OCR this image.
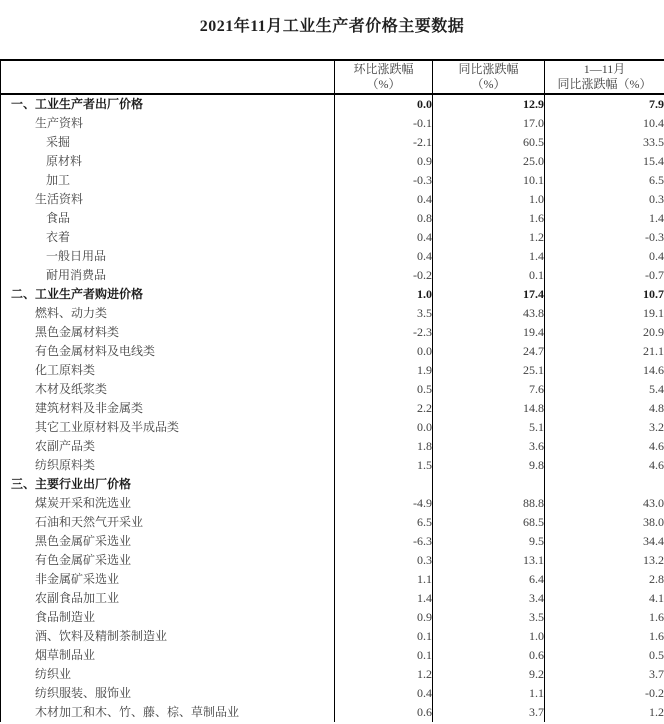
2021年11月工业生产者价格主要数据

环比涨跌幅
（%）

同比涨跌幅
（%）

1—11月
同比涨跌幅（%）

一、工业生产者出厂价格	0.0	12.9	7.9
生产资料	-0.1	17.0	10.4
采掘	-2.1	60.5	33.5
原材料	0.9	25.0	15.4
加工	-0.3	10.1	6.5
生活资料	0.4	1.0	0.3
食品	0.8	1.6	1.4
衣着	0.4	1.2	-0.3
一般日用品	0.4	1.4	0.4
耐用消费品	-0.2	0.1	-0.7
二、工业生产者购进价格	1.0	17.4	10.7
燃料、动力类	3.5	43.8	19.1
黑色金属材料类	-2.3	19.4	20.9
有色金属材料及电线类	0.0	24.7	21.1
化工原料类	1.9	25.1	14.6
木材及纸浆类	0.5	7.6	5.4
建筑材料及非金属类	2.2	14.8	4.8
其它工业原材料及半成品类	0.0	5.1	3.2
农副产品类	1.8	3.6	4.6
纺织原料类	1.5	9.8	4.6
三、主要行业出厂价格			
煤炭开采和洗选业	-4.9	88.8	43.0
石油和天然气开采业	6.5	68.5	38.0
黑色金属矿采选业	-6.3	9.5	34.4
有色金属矿采选业	0.3	13.1	13.2
非金属矿采选业	1.1	6.4	2.8
农副食品加工业	1.4	3.4	4.1
食品制造业	0.9	3.5	1.6
酒、饮料及精制茶制造业	0.1	1.0	1.6
烟草制品业	0.1	0.6	0.5
纺织业	1.2	9.2	3.7
纺织服装、服饰业	0.4	1.1	-0.2
木材加工和木、竹、藤、棕、草制品业	0.6	3.7	1.2
